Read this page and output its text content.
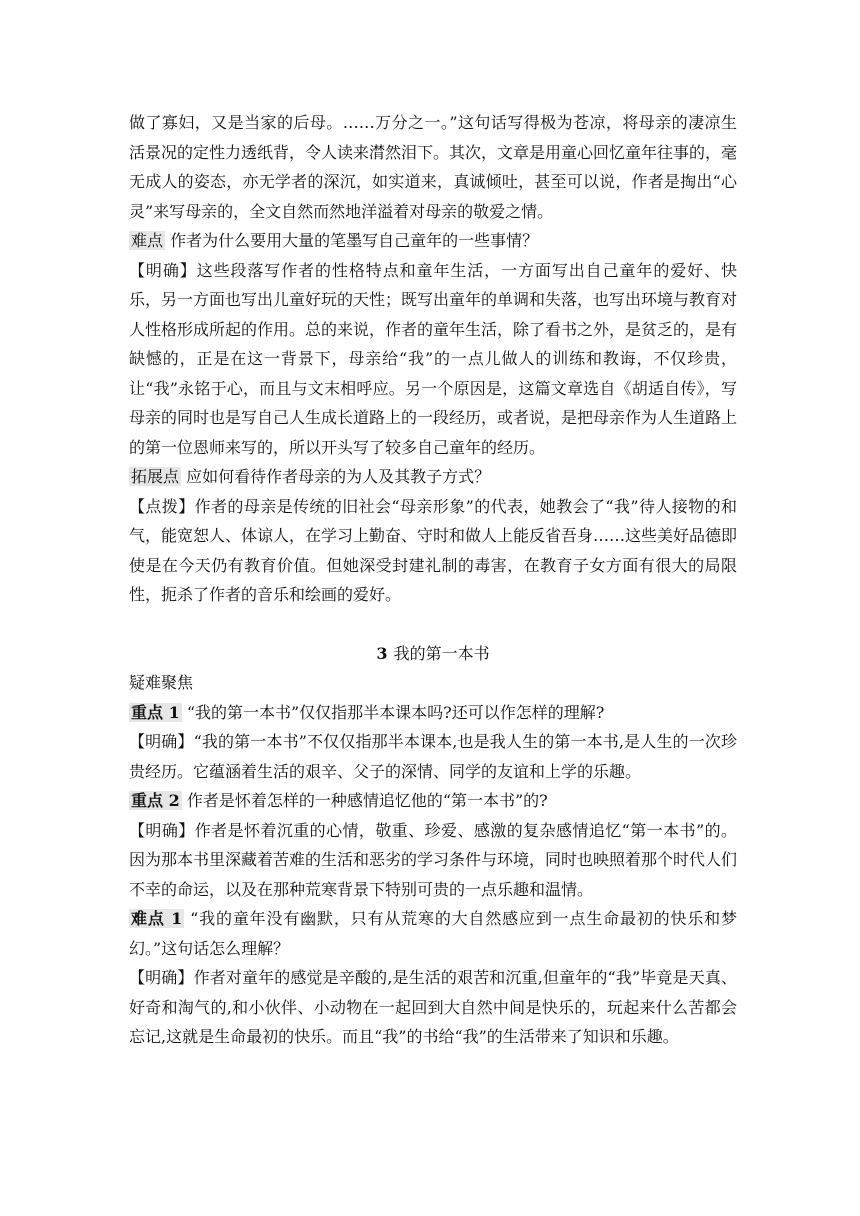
做了寡妇，又是当家的后母。……万分之一。”这句话写得极为苍凉，将母亲的凄凉生活景况的定性力透纸背，令人读来潸然泪下。其次，文章是用童心回忆童年往事的，毫无成人的姿态，亦无学者的深沉，如实道来，真诚倾吐，甚至可以说，作者是掏出“心灵”来写母亲的，全文自然而然地洋溢着对母亲的敬爱之情。

难点 作者为什么要用大量的笔墨写自己童年的一些事情？

【明确】这些段落写作者的性格特点和童年生活，一方面写出自己童年的爱好、快乐，另一方面也写出儿童好玩的天性；既写出童年的单调和失落，也写出环境与教育对人性格形成所起的作用。总的来说，作者的童年生活，除了看书之外，是贫乏的，是有缺憾的，正是在这一背景下，母亲给“我”的一点儿做人的训练和教诲，不仅珍贵，让“我”永铭于心，而且与文末相呼应。另一个原因是，这篇文章选自《胡适自传》，写母亲的同时也是写自己人生成长道路上的一段经历，或者说，是把母亲作为人生道路上的第一位恩师来写的，所以开头写了较多自己童年的经历。

拓展点 应如何看待作者母亲的为人及其教子方式？

【点拨】作者的母亲是传统的旧社会“母亲形象”的代表，她教会了“我”待人接物的和气，能宽恕人、体谅人，在学习上勤奋、守时和做人上能反省吾身……这些美好品德即使是在今天仍有教育价值。但她深受封建礼制的毒害，在教育子女方面有很大的局限性，扼杀了作者的音乐和绘画的爱好。

3 我的第一本书

疑难聚焦

重点 1 “我的第一本书”仅仅指那半本课本吗?还可以作怎样的理解?

【明确】“我的第一本书”不仅仅指那半本课本,也是我人生的第一本书,是人生的一次珍贵经历。它蕴涵着生活的艰辛、父子的深情、同学的友谊和上学的乐趣。

重点 2 作者是怀着怎样的一种感情追忆他的“第一本书”的?

【明确】作者是怀着沉重的心情，敬重、珍爱、感激的复杂感情追忆“第一本书”的。因为那本书里深藏着苦难的生活和恶劣的学习条件与环境，同时也映照着那个时代人们不幸的命运，以及在那种荒寒背景下特别可贵的一点乐趣和温情。

难点 1 “我的童年没有幽默，只有从荒寒的大自然感应到一点生命最初的快乐和梦幻。”这句话怎么理解？

【明确】作者对童年的感觉是辛酸的,是生活的艰苦和沉重,但童年的“我”毕竟是天真、好奇和淘气的,和小伙伴、小动物在一起回到大自然中间是快乐的，玩起来什么苦都会忘记,这就是生命最初的快乐。而且“我”的书给“我”的生活带来了知识和乐趣。
